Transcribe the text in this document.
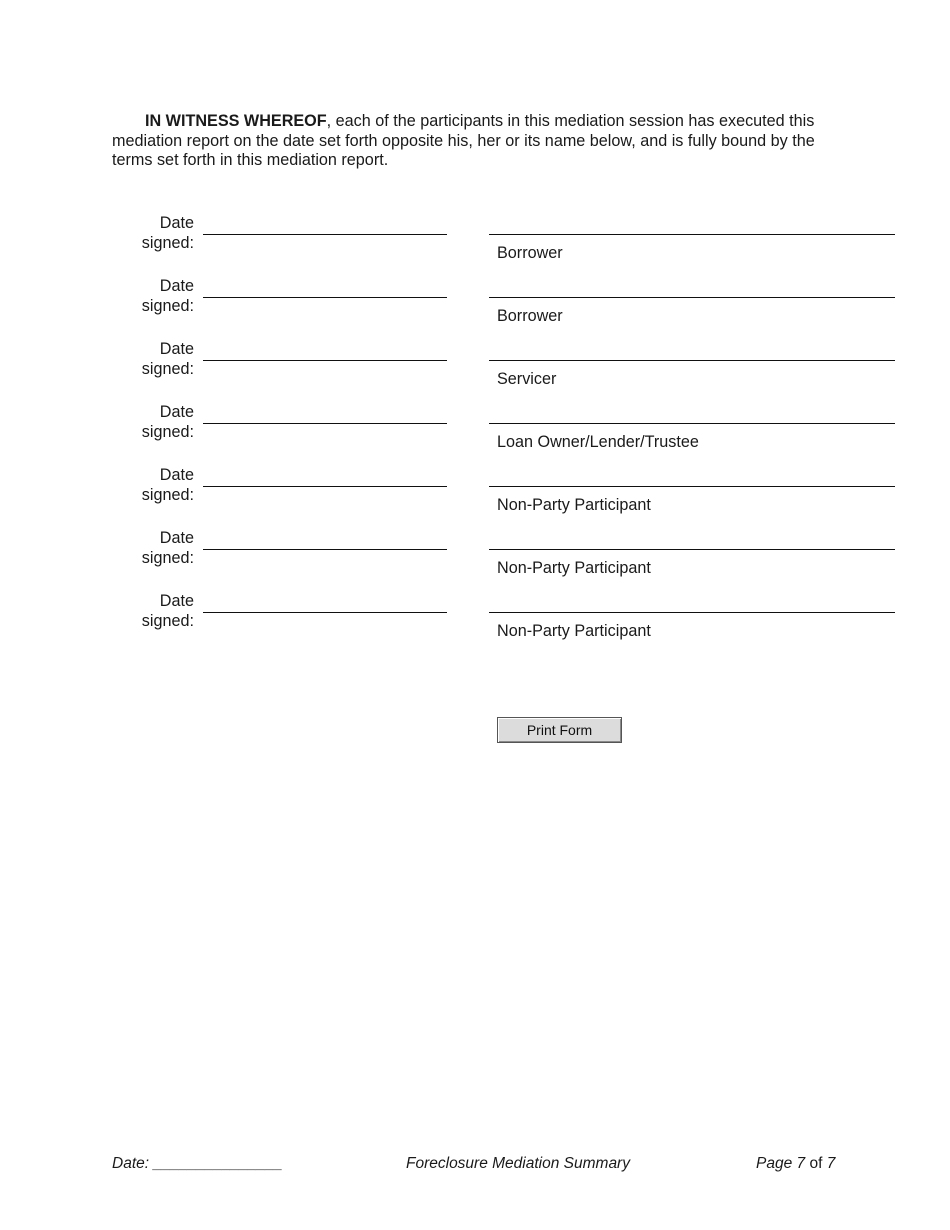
IN WITNESS WHEREOF, each of the participants in this mediation session has executed this mediation report on the date set forth opposite his, her or its name below, and is fully bound by the terms set forth in this mediation report.
Date
signed:
Borrower
Date
signed:
Borrower
Date
signed:
Servicer
Date
signed:
Loan Owner/Lender/Trustee
Date
signed:
Non-Party Participant
Date
signed:
Non-Party Participant
Date
signed:
Non-Party Participant
Print Form
Date: _______________	Foreclosure Mediation Summary	Page 7 of 7
